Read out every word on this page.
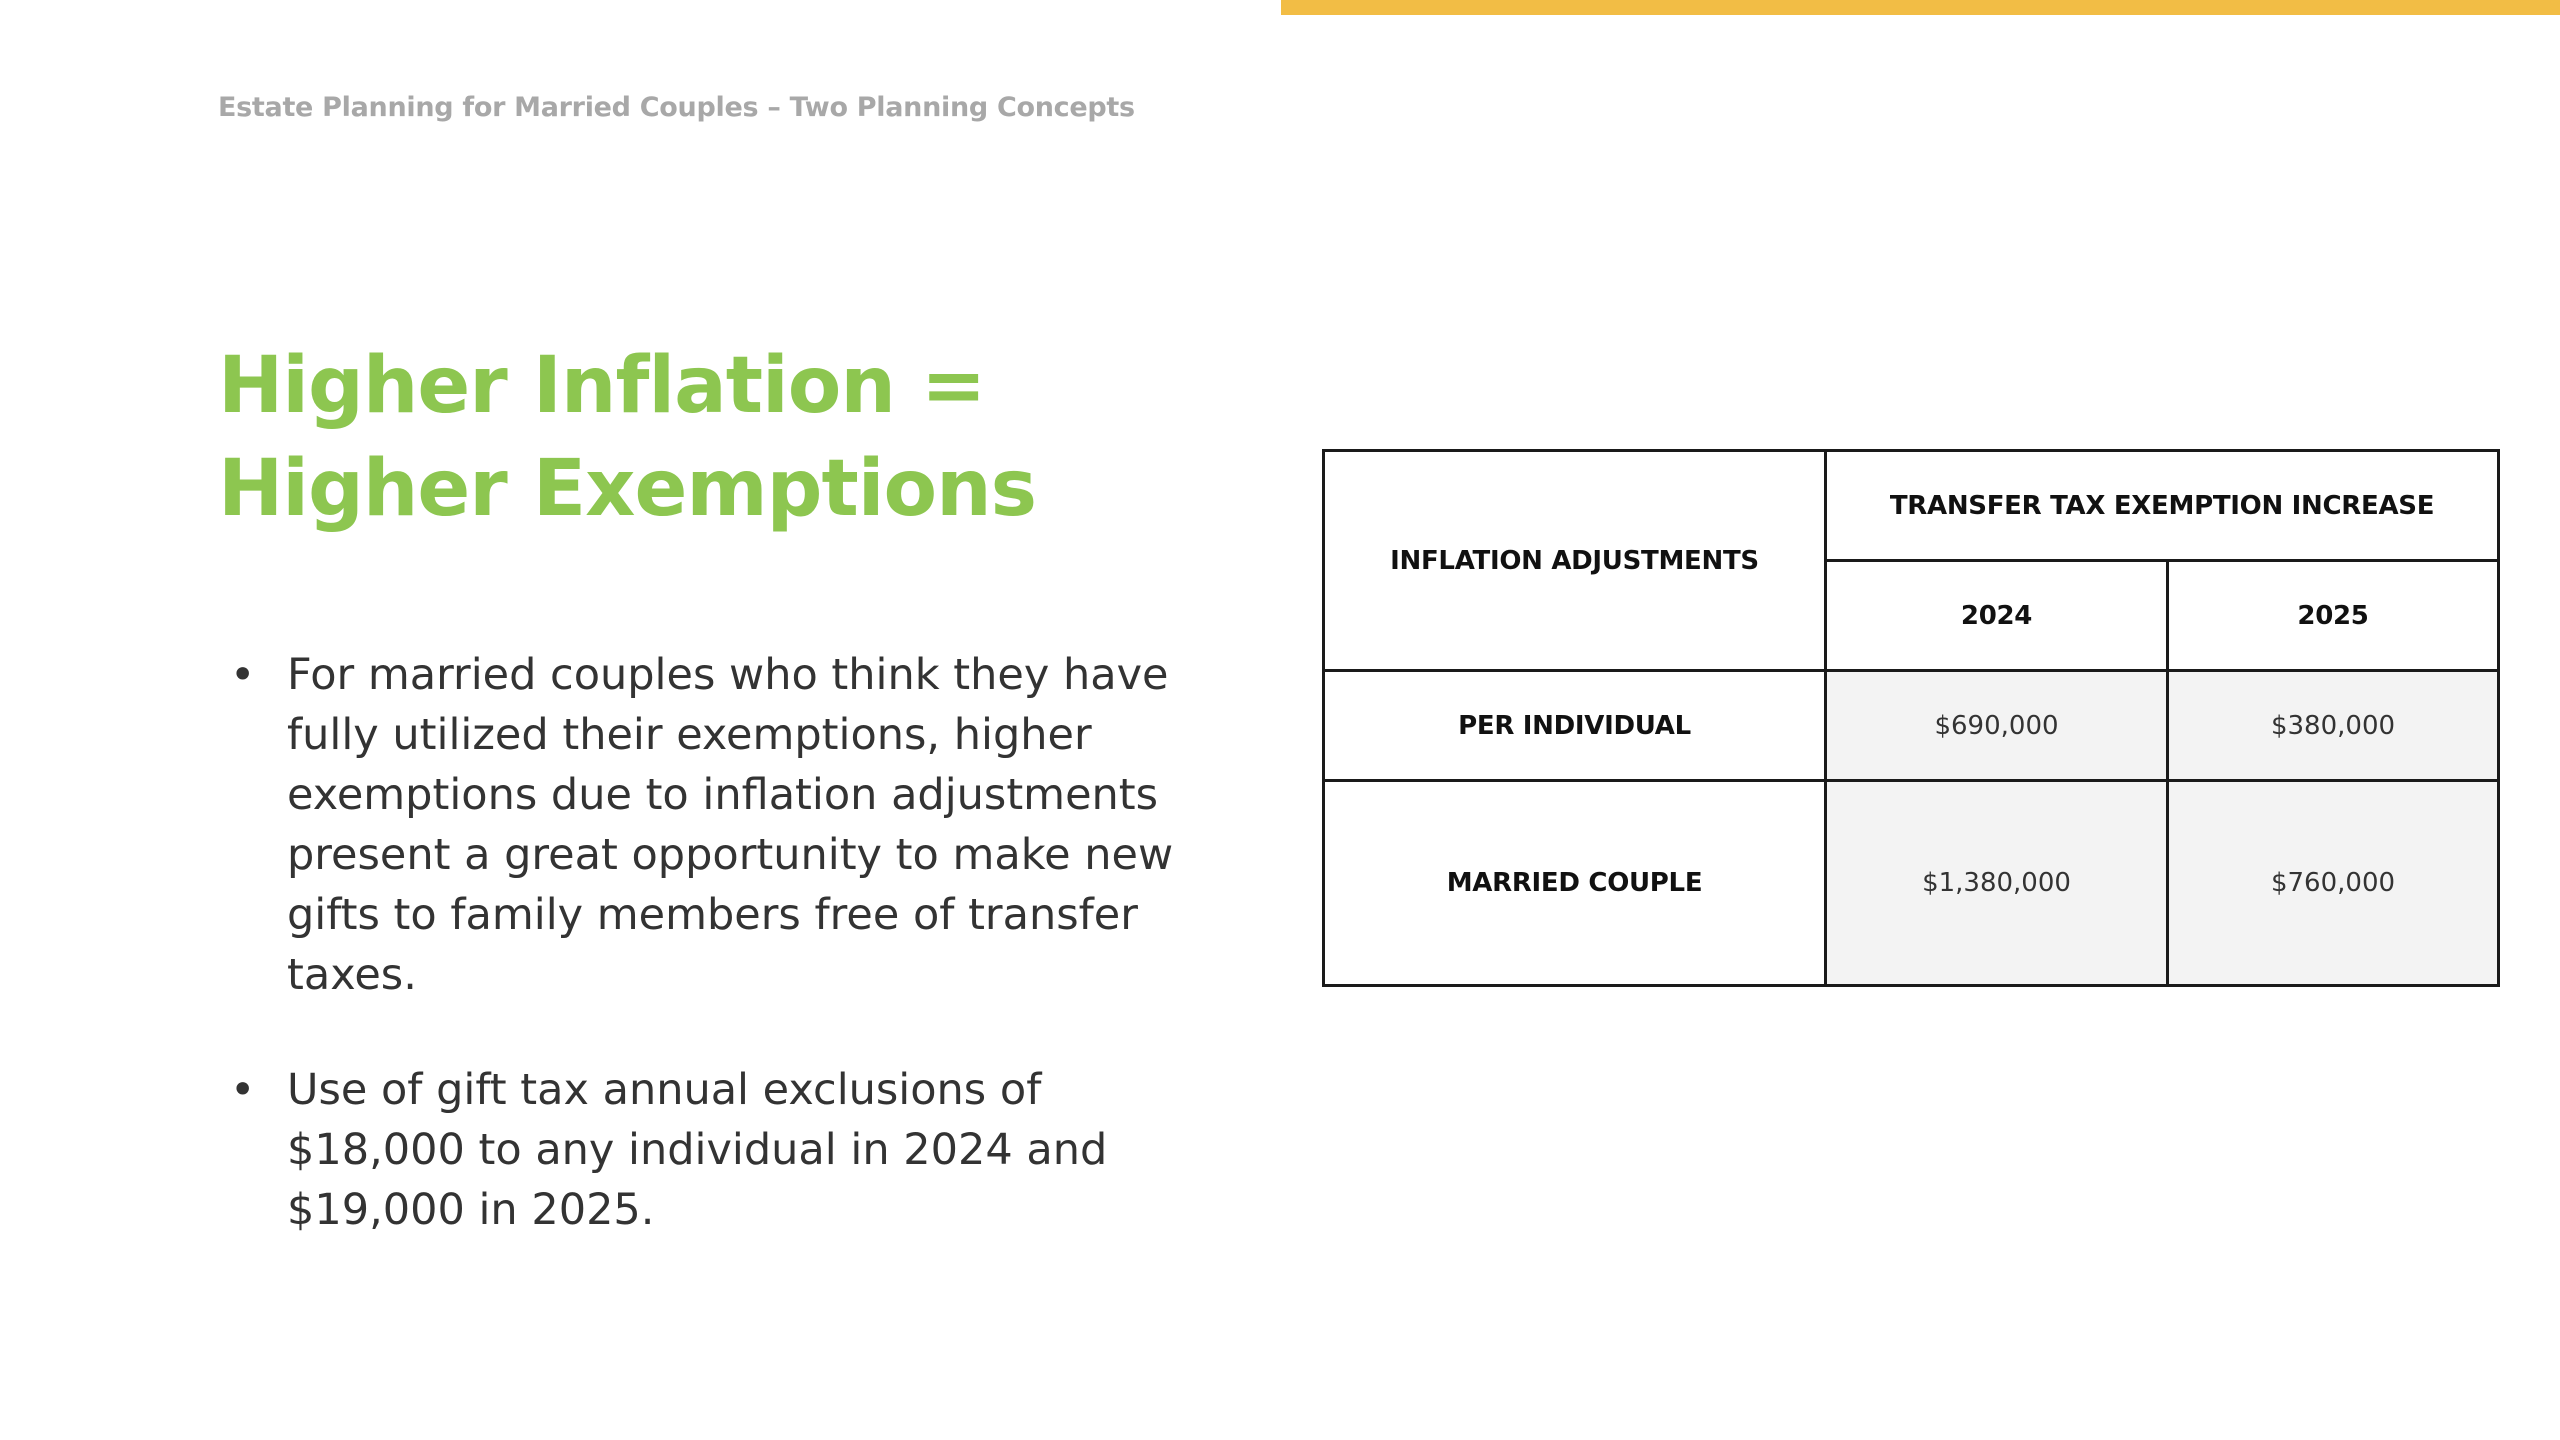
Estate Planning for Married Couples – Two Planning Concepts
Higher Inflation =
Higher Exemptions
• For married couples who think they have fully utilized their exemptions, higher exemptions due to inflation adjustments present a great opportunity to make new gifts to family members free of transfer taxes.
• Use of gift tax annual exclusions of $18,000 to any individual in 2024 and $19,000 in 2025.
INFLATION ADJUSTMENTS	TRANSFER TAX EXEMPTION INCREASE	
	2024	2025
PER INDIVIDUAL	$690,000	$380,000
MARRIED COUPLE	$1,380,000	$760,000
